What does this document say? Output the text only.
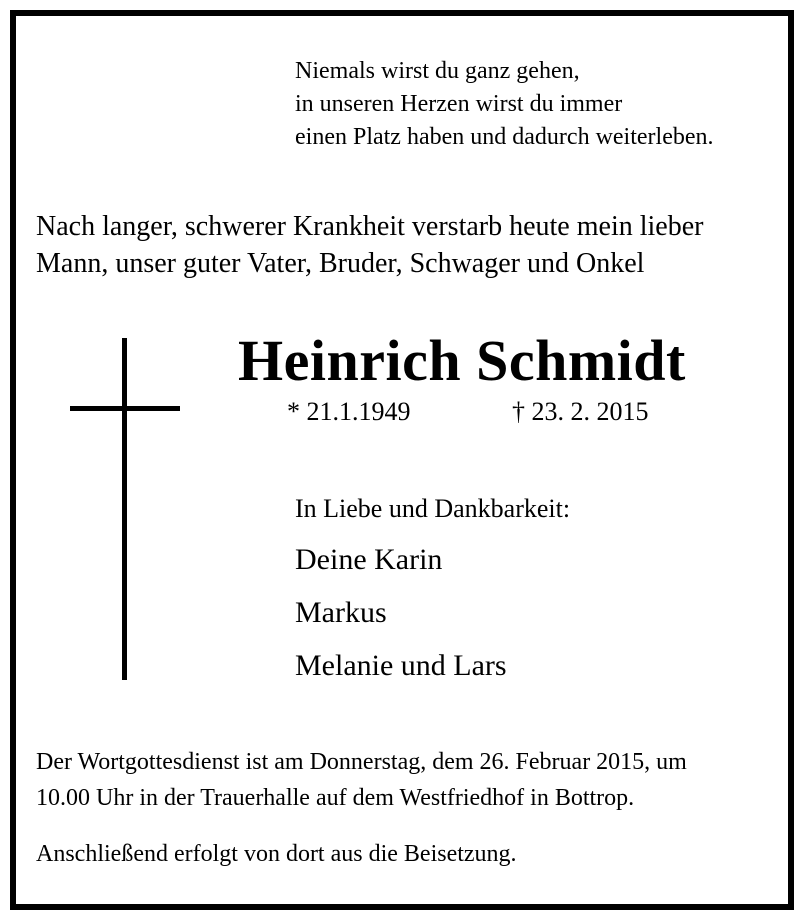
Niemals wirst du ganz gehen,
in unseren Herzen wirst du immer
einen Platz haben und dadurch weiterleben.
Nach langer, schwerer Krankheit verstarb heute mein lieber
Mann, unser guter Vater, Bruder, Schwager und Onkel
Heinrich Schmidt
* 21.1.1949	† 23. 2. 2015
In Liebe und Dankbarkeit:
Deine Karin
Markus
Melanie und Lars
Der Wortgottesdienst ist am Donnerstag, dem 26. Februar 2015, um
10.00 Uhr in der Trauerhalle auf dem Westfriedhof in Bottrop.
Anschließend erfolgt von dort aus die Beisetzung.
